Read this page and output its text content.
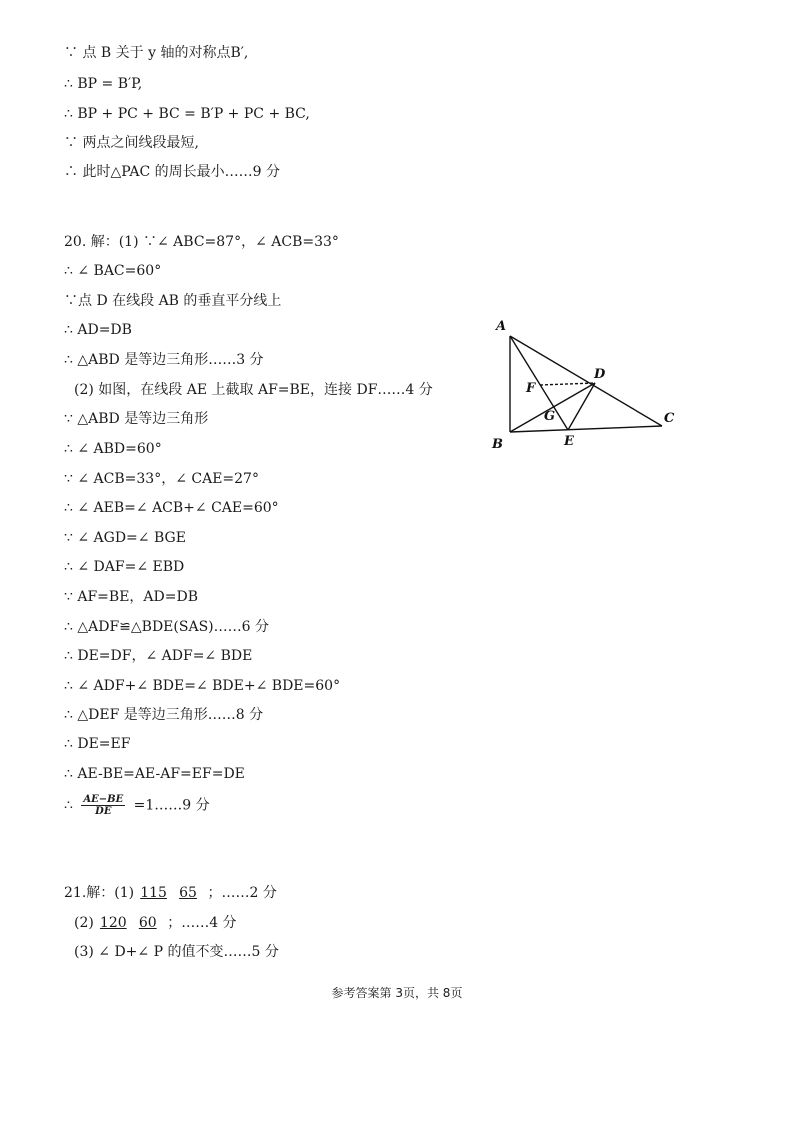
∵ 点 B 关于 y 轴的对称点B′,
∴ BP = B′P,
∴ BP + PC + BC = B′P + PC + BC,
∵ 两点之间线段最短,
∴ 此时△PAC 的周长最小……9 分
20. 解：(1) ∵∠ ABC=87°，∠ ACB=33°
∴ ∠ BAC=60°
∵点 D 在线段 AB 的垂直平分线上
∴ AD=DB
∴ △ABD 是等边三角形……3 分
(2) 如图，在线段 AE 上截取 AF=BE，连接 DF……4 分
∵ △ABD 是等边三角形
∴ ∠ ABD=60°
∵ ∠ ACB=33°，∠ CAE=27°
∴ ∠ AEB=∠ ACB+∠ CAE=60°
∵ ∠ AGD=∠ BGE
∴ ∠ DAF=∠ EBD
∵ AF=BE，AD=DB
∴ △ADF≌△BDE(SAS)……6 分
∴ DE=DF，∠ ADF=∠ BDE
∴ ∠ ADF+∠ BDE=∠ BDE+∠ BDE=60°
∴ △DEF 是等边三角形……8 分
∴ DE=EF
∴ AE-BE=AE-AF=EF=DE
∴ $\frac{AE-BE}{DE}$ =1……9 分
21.解：(1) 115 65 ；……2 分
(2) 120 60 ；……4 分
(3) ∠ D+∠ P 的值不变……5 分
A
B
C
D
E
F
G
参考答案第 3页，共 8页
